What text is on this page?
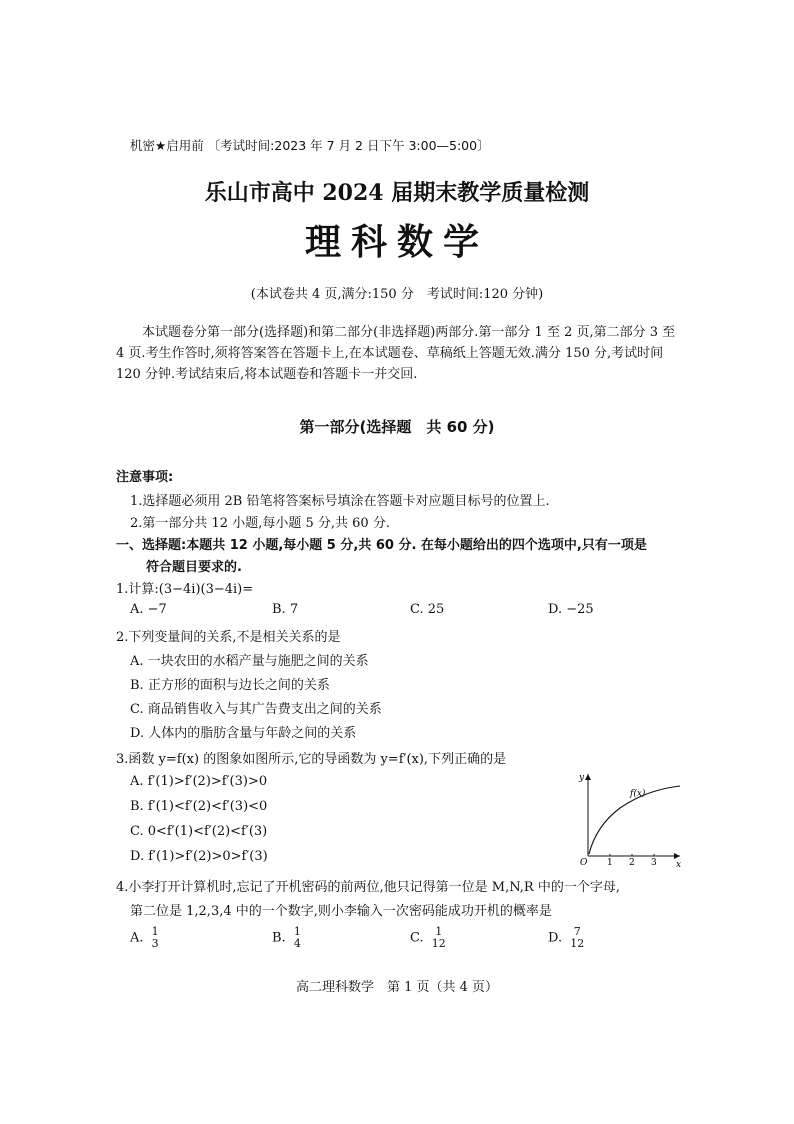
机密★启用前 〔考试时间:2023 年 7 月 2 日下午 3:00—5:00〕
乐山市高中 2024 届期末教学质量检测
理科数学
(本试卷共 4 页,满分:150 分　考试时间:120 分钟)

本试题卷分第一部分(选择题)和第二部分(非选择题)两部分.第一部分 1 至 2 页,第二部分 3 至 4 页.考生作答时,须将答案答在答题卡上,在本试题卷、草稿纸上答题无效.满分 150 分,考试时间 120 分钟.考试结束后,将本试题卷和答题卡一并交回.

第一部分(选择题　共 60 分)
注意事项:
1.选择题必须用 2B 铅笔将答案标号填涂在答题卡对应题目标号的位置上.
2.第一部分共 12 小题,每小题 5 分,共 60 分.
一、选择题:本题共 12 小题,每小题 5 分,共 60 分. 在每小题给出的四个选项中,只有一项是
符合题目要求的.
1.计算:(3−4i)(3−4i)=
A. −7	B. 7	C. 25	D. −25
2.下列变量间的关系,不是相关关系的是
A. 一块农田的水稻产量与施肥之间的关系
B. 正方形的面积与边长之间的关系
C. 商品销售收入与其广告费支出之间的关系
D. 人体内的脂肪含量与年龄之间的关系
3.函数 y=f(x) 的图象如图所示,它的导函数为 y=f′(x),下列正确的是
A. f′(1)>f′(2)>f′(3)>0
B. f′(1)<f′(2)<f′(3)<0
C. 0<f′(1)<f′(2)<f′(3)
D. f′(1)>f′(2)>0>f′(3)
y
x
O 1 2 3
f(x)
4.小李打开计算机时,忘记了开机密码的前两位,他只记得第一位是 M,N,R 中的一个字母,
第二位是 1,2,3,4 中的一个数字,则小李输入一次密码能成功开机的概率是
A. 1
3	B. 1
4	C.	1
12	D.	7
12
高二理科数学　第 1 页（共 4 页）
